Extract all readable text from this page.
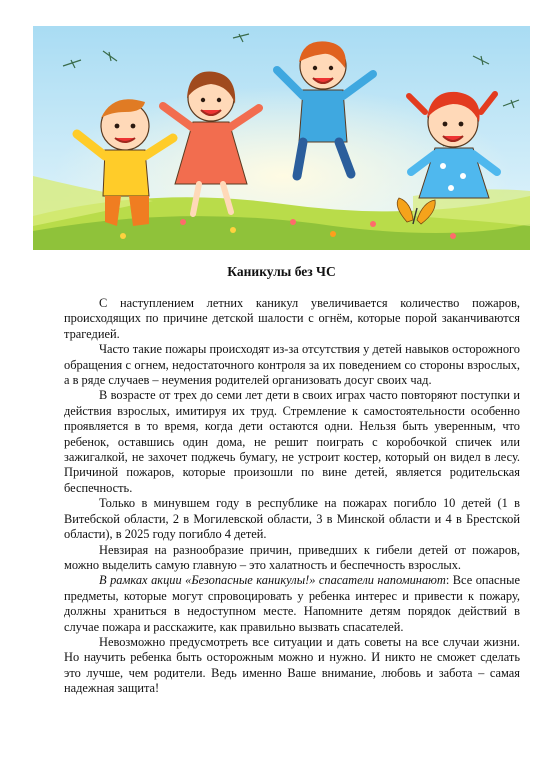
Каникулы без ЧС

С наступлением летних каникул увеличивается количество пожаров, происходящих по причине детской шалости с огнём, которые порой заканчиваются трагедией.

Часто такие пожары происходят из-за отсутствия у детей навыков осторожного обращения с огнем, недостаточного контроля за их поведением со стороны взрослых, а в ряде случаев – неумения родителей организовать досуг своих чад.

В возрасте от трех до семи лет дети в своих играх часто повторяют поступки и действия взрослых, имитируя их труд. Стремление к самостоятельности особенно проявляется в то время, когда дети остаются одни. Нельзя быть уверенным, что ребенок, оставшись один дома, не решит поиграть с коробочкой спичек или зажигалкой, не захочет поджечь бумагу, не устроит костер, который он видел в лесу. Причиной пожаров, которые произошли по вине детей, является родительская беспечность.

Только в минувшем году в республике на пожарах погибло 10 детей (1 в Витебской области, 2 в Могилевской области, 3 в Минской области и 4 в Брестской области), в 2025 году погибло 4 детей.

Невзирая на разнообразие причин, приведших к гибели детей от пожаров, можно выделить самую главную – это халатность и беспечность взрослых.

В рамках акции «Безопасные каникулы!» спасатели напоминают: Все опасные предметы, которые могут спровоцировать у ребенка интерес и привести к пожару, должны храниться в недоступном месте. Напомните детям порядок действий в случае пожара и расскажите, как правильно вызвать спасателей.

Невозможно предусмотреть все ситуации и дать советы на все случаи жизни. Но научить ребенка быть осторожным можно и нужно. И никто не сможет сделать это лучше, чем родители. Ведь именно Ваше внимание, любовь и забота – самая надежная защита!
